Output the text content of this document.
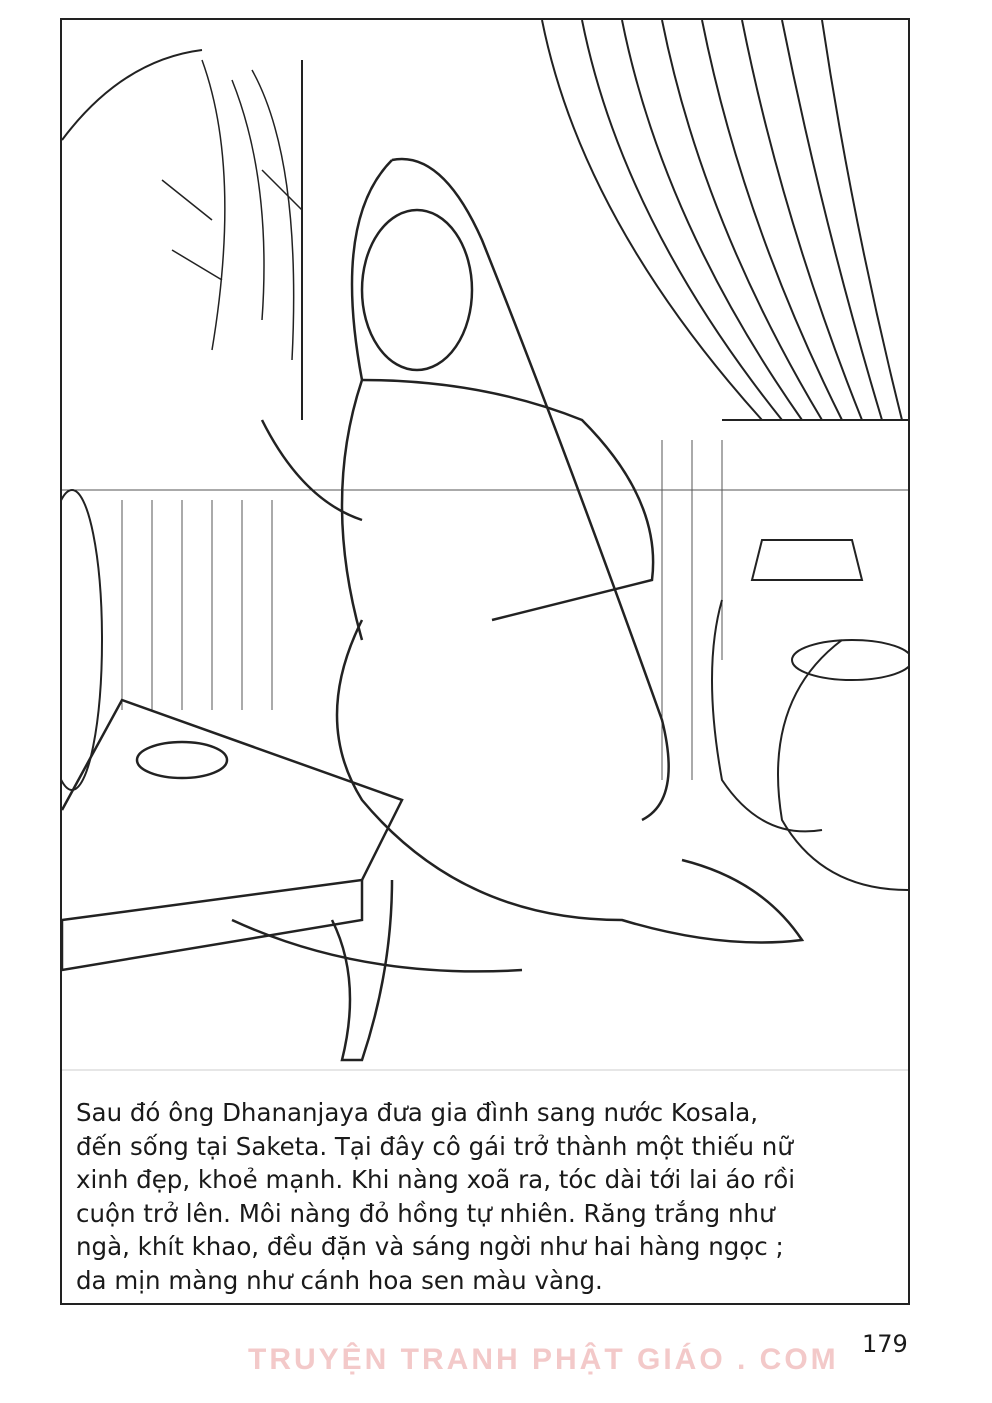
Sau đó ông Dhananjaya đưa gia đình sang nước Kosala,
đến sống tại Saketa. Tại đây cô gái trở thành một thiếu nữ
xinh đẹp, khoẻ mạnh. Khi nàng xoã ra, tóc dài tới lai áo rồi
cuộn trở lên. Môi nàng đỏ hồng tự nhiên. Răng trắng như
ngà, khít khao, đều đặn và sáng ngời như hai hàng ngọc ;
da mịn màng như cánh hoa sen màu vàng.
TRUYỆN TRANH PHẬT GIÁO . COM 179
